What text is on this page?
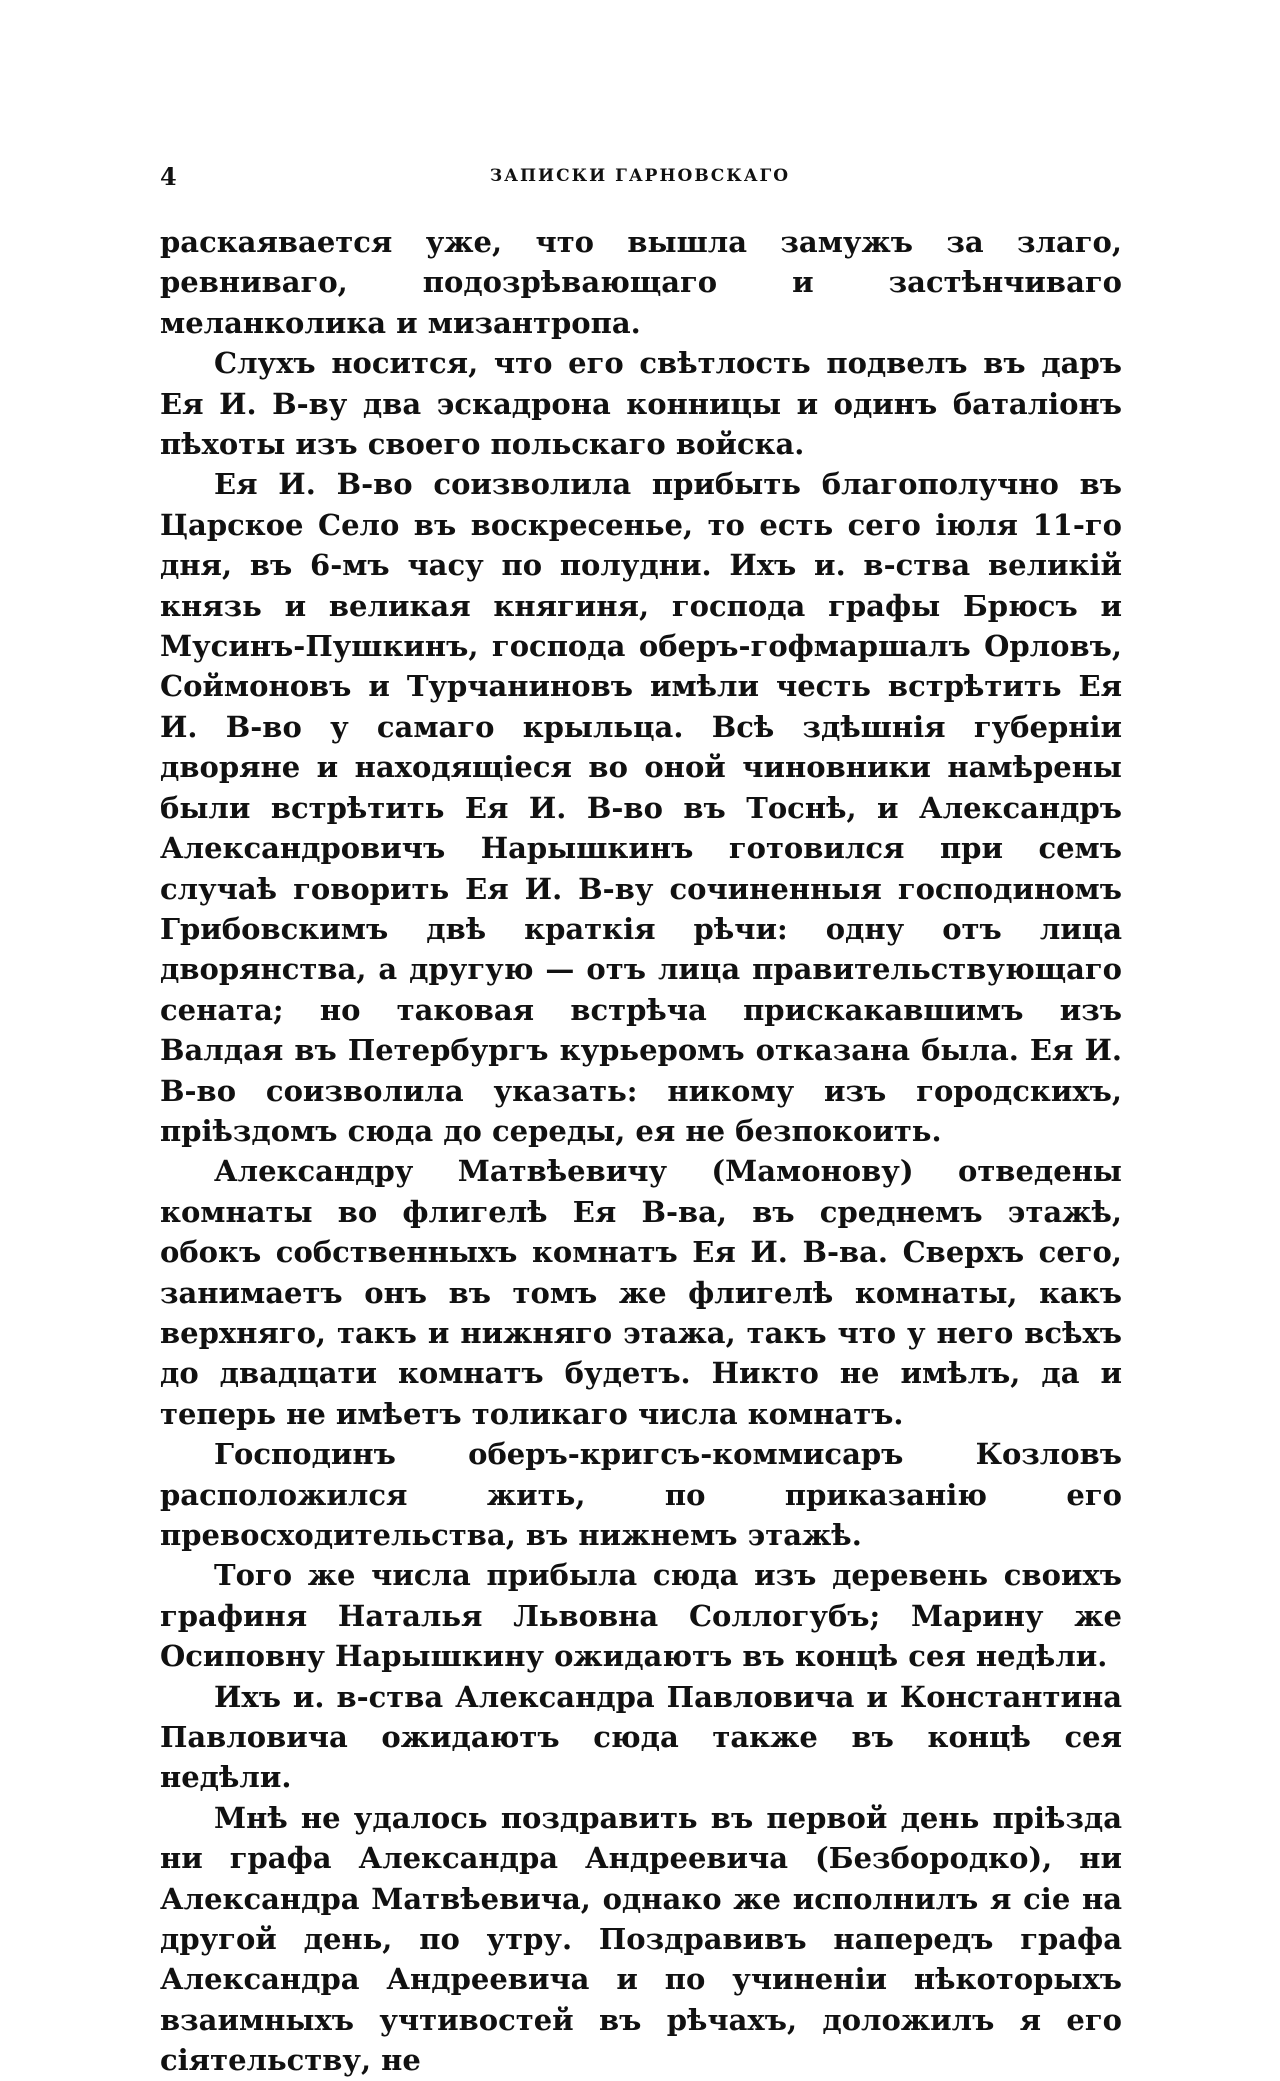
4	ЗАПИСКИ ГАРНОВСКАГО

раскаявается уже, что вышла замужъ за злаго, ревниваго, подозрѣвающаго и застѣнчиваго меланколика и мизантропа.

Слухъ носится, что его свѣтлость подвелъ въ даръ Ея И. В-ву два эскадрона конницы и одинъ баталіонъ пѣхоты изъ своего польскаго войска.

Ея И. В-во соизволила прибыть благополучно въ Царское Село въ воскресенье, то есть сего іюля 11-го дня, въ 6-мъ часу по полудни. Ихъ и. в-ства великій князь и великая княгиня, господа графы Брюсъ и Мусинъ-Пушкинъ, господа оберъ-гофмаршалъ Орловъ, Соймоновъ и Турчаниновъ имѣли честь встрѣтить Ея И. В-во у самаго крыльца. Всѣ здѣшнія губерніи дворяне и находящіеся во оной чиновники намѣрены были встрѣтить Ея И. В-во въ Тоснѣ, и Александръ Александровичъ Нарышкинъ готовился при семъ случаѣ говорить Ея И. В-ву сочиненныя господиномъ Грибовскимъ двѣ краткія рѣчи: одну отъ лица дворянства, а другую — отъ лица правительствующаго сената; но таковая встрѣча прискакавшимъ изъ Валдая въ Петербургъ курьеромъ отказана была. Ея И. В-во соизволила указать: никому изъ городскихъ, пріѣздомъ сюда до середы, ея не безпокоить.

Александру Матвѣевичу (Мамонову) отведены комнаты во флигелѣ Ея В-ва, въ среднемъ этажѣ, обокъ собственныхъ комнатъ Ея И. В-ва. Сверхъ сего, занимаетъ онъ въ томъ же флигелѣ комнаты, какъ верхняго, такъ и нижняго этажа, такъ что у него всѣхъ до двадцати комнатъ будетъ. Никто не имѣлъ, да и теперь не имѣетъ толикаго числа комнатъ.

Господинъ оберъ-кригсъ-коммисаръ Козловъ расположился жить, по приказанію его превосходительства, въ нижнемъ этажѣ.

Того же числа прибыла сюда изъ деревень своихъ графиня Наталья Львовна Соллогубъ; Марину же Осиповну Нарышкину ожидаютъ въ концѣ сея недѣли.

Ихъ и. в-ства Александра Павловича и Константина Павловича ожидаютъ сюда также въ концѣ сея недѣли.

Мнѣ не удалось поздравить въ первой день пріѣзда ни графа Александра Андреевича (Безбородко), ни Александра Матвѣевича, однако же исполнилъ я сіе на другой день, по утру. Поздравивъ напередъ графа Александра Андреевича и по учиненіи нѣкоторыхъ взаимныхъ учтивостей въ рѣчахъ, доложилъ я его сіятельству, не
